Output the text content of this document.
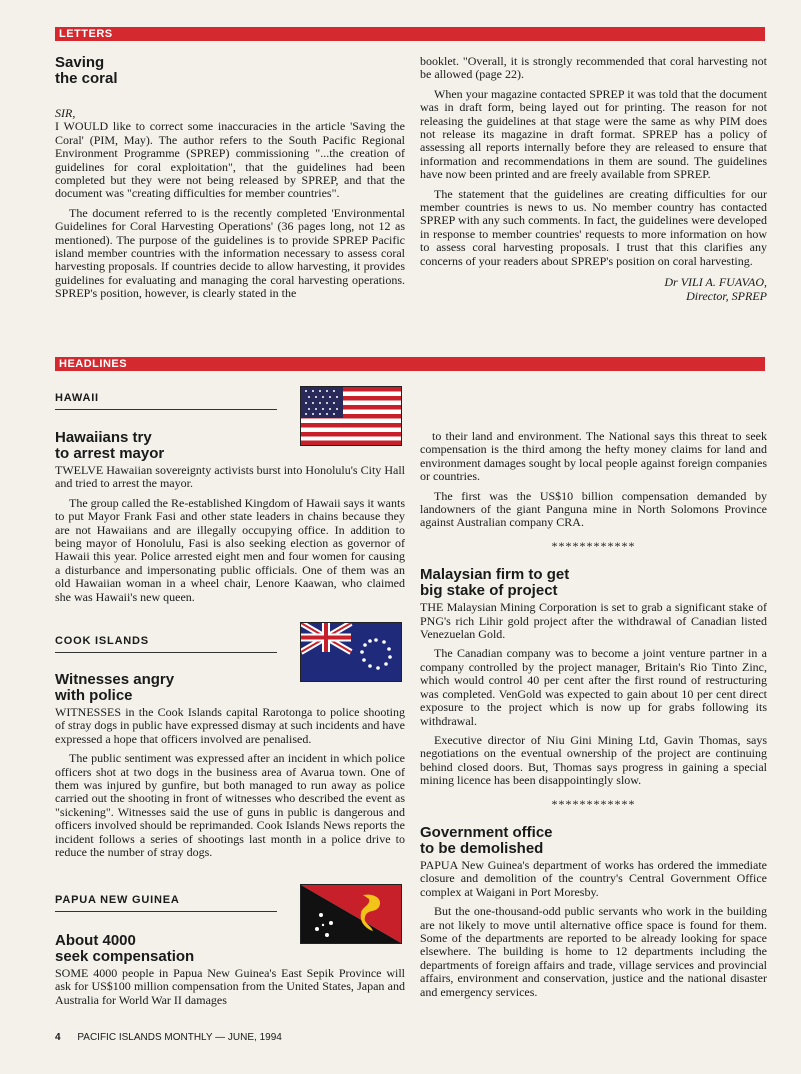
LETTERS
Saving
the coral
SIR,

I WOULD like to correct some inaccuracies in the article 'Saving the Coral' (PIM, May). The author refers to the South Pacific Regional Environment Programme (SPREP) commissioning "...the creation of guidelines for coral exploitation", that the guidelines had been completed but they were not being released by SPREP, and that the document was "creating difficulties for member countries".

The document referred to is the recently completed 'Environmental Guidelines for Coral Harvesting Operations' (36 pages long, not 12 as mentioned). The purpose of the guidelines is to provide SPREP Pacific island member countries with the information necessary to assess coral harvesting proposals. If countries decide to allow harvesting, it provides guidelines for evaluating and managing the coral harvesting operations. SPREP's position, however, is clearly stated in the

booklet. "Overall, it is strongly recommended that coral harvesting not be allowed (page 22).

When your magazine contacted SPREP it was told that the document was in draft form, being layed out for printing. The reason for not releasing the guidelines at that stage were the same as why PIM does not release its magazine in draft format. SPREP has a policy of assessing all reports internally before they are released to ensure that information and recommendations in them are sound. The guidelines have now been printed and are freely available from SPREP.

The statement that the guidelines are creating difficulties for our member countries is news to us. No member country has contacted SPREP with any such comments. In fact, the guidelines were developed in response to member countries' requests to more information on how to assess coral harvesting proposals. I trust that this clarifies any concerns of your readers about SPREP's position on coral harvesting.

Dr VILI A. FUAVAO,
Director, SPREP
HEADLINES
HAWAII
Hawaiians try
to arrest mayor

TWELVE Hawaiian sovereignty activists burst into Honolulu's City Hall and tried to arrest the mayor.

The group called the Re-established Kingdom of Hawaii says it wants to put Mayor Frank Fasi and other state leaders in chains because they are not Hawaiians and are illegally occupying office. In addition to being mayor of Honolulu, Fasi is also seeking election as governor of Hawaii this year. Police arrested eight men and four women for causing a disturbance and impersonating public officials. One of them was an old Hawaiian woman in a wheel chair, Lenore Kaawan, who claimed she was Hawaii's new queen.

COOK ISLANDS
Witnesses angry
with police

WITNESSES in the Cook Islands capital Rarotonga to police shooting of stray dogs in public have expressed dismay at such incidents and have expressed a hope that officers involved are penalised.

The public sentiment was expressed after an incident in which police officers shot at two dogs in the business area of Avarua town. One of them was injured by gunfire, but both managed to run away as police carried out the shooting in front of witnesses who described the event as "sickening". Witnesses said the use of guns in public is dangerous and officers involved should be reprimanded. Cook Islands News reports the incident follows a series of shootings last month in a police drive to reduce the number of stray dogs.

PAPUA NEW GUINEA
About 4000
seek compensation

SOME 4000 people in Papua New Guinea's East Sepik Province will ask for US$100 million compensation from the United States, Japan and Australia for World War II damages

to their land and environment. The National says this threat to seek compensation is the third among the hefty money claims for land and environment damages sought by local people against foreign companies or countries.

The first was the US$10 billion compensation demanded by landowners of the giant Panguna mine in North Solomons Province against Australian company CRA.

************
Malaysian firm to get
big stake of project

THE Malaysian Mining Corporation is set to grab a significant stake of PNG's rich Lihir gold project after the withdrawal of Canadian listed Venezuelan Gold.

The Canadian company was to become a joint venture partner in a company controlled by the project manager, Britain's Rio Tinto Zinc, which would control 40 per cent after the first round of restructuring was completed. VenGold was expected to gain about 10 per cent direct exposure to the project which is now up for grabs following its withdrawal.

Executive director of Niu Gini Mining Ltd, Gavin Thomas, says negotiations on the eventual ownership of the project are continuing behind closed doors. But, Thomas says progress in gaining a special mining licence has been disappointingly slow.

************
Government office
to be demolished

PAPUA New Guinea's department of works has ordered the immediate closure and demolition of the country's Central Government Office complex at Waigani in Port Moresby.

But the one-thousand-odd public servants who work in the building are not likely to move until alternative office space is found for them. Some of the departments are reported to be already looking for space elsewhere. The building is home to 12 departments including the departments of foreign affairs and trade, village services and provincial affairs, environment and conservation, justice and the national disaster and emergency services.

4 PACIFIC ISLANDS MONTHLY — JUNE, 1994
